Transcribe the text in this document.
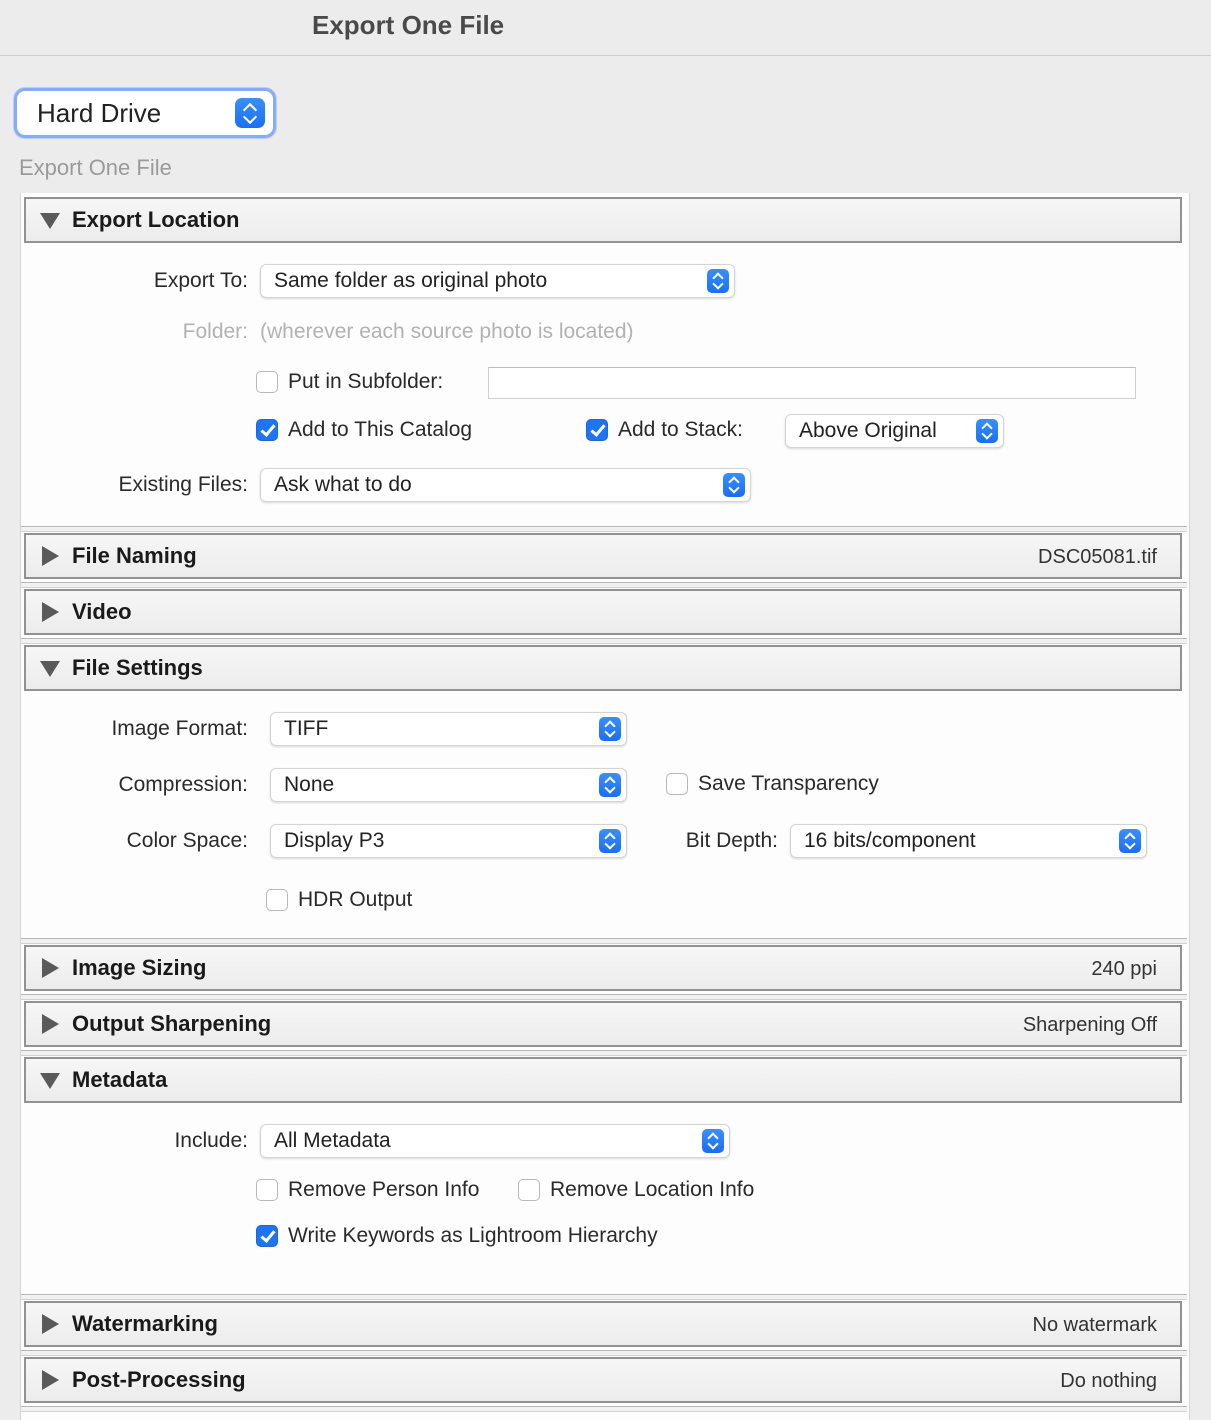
Export One File
Hard Drive
Export One File
Export Location
Export To: Same folder as original photo
Folder: (wherever each source photo is located)
Put in Subfolder:
Add to This Catalog	Add to Stack:	Above Original
Existing Files: Ask what to do
File Naming	DSC05081.tif
Video
File Settings
Image Format: TIFF
Compression: None	Save Transparency
Color Space: Display P3	Bit Depth: 16 bits/component
HDR Output
Image Sizing	240 ppi
Output Sharpening	Sharpening Off
Metadata
Include: All Metadata
Remove Person Info	Remove Location Info
Write Keywords as Lightroom Hierarchy
Watermarking	No watermark
Post-Processing	Do nothing
